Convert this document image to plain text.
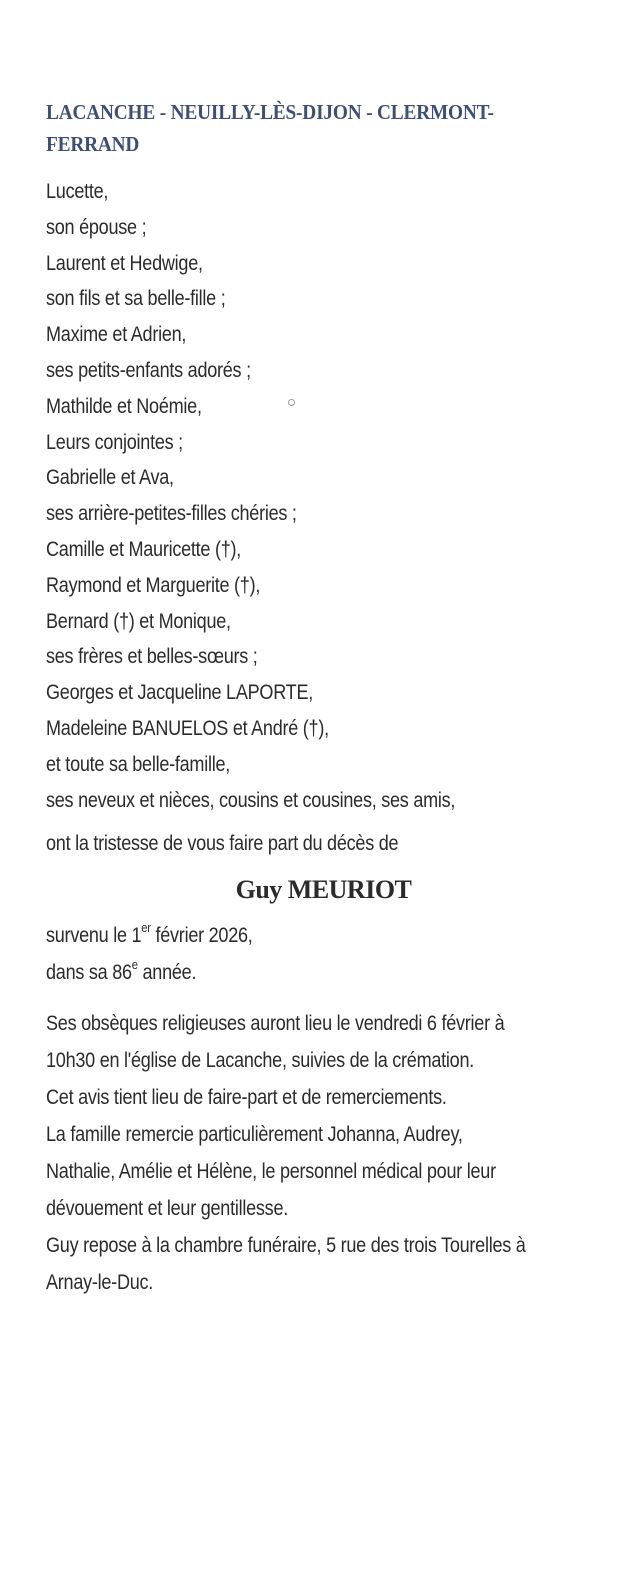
LACANCHE - NEUILLY-LÈS-DIJON - CLERMONT-FERRAND
Lucette,
son épouse ;
Laurent et Hedwige,
son fils et sa belle-fille ;
Maxime et Adrien,
ses petits-enfants adorés ;
Mathilde et Noémie,
Leurs conjointes ;
Gabrielle et Ava,
ses arrière-petites-filles chéries ;
Camille et Mauricette (†),
Raymond et Marguerite (†),
Bernard (†) et Monique,
ses frères et belles-sœurs ;
Georges et Jacqueline LAPORTE,
Madeleine BANUELOS et André (†),
et toute sa belle-famille,
ses neveux et nièces, cousins et cousines, ses amis,
ont la tristesse de vous faire part du décès de
Guy MEURIOT
survenu le 1er février 2026,
dans sa 86e année.
Ses obsèques religieuses auront lieu le vendredi 6 février à
10h30 en l'église de Lacanche, suivies de la crémation.
Cet avis tient lieu de faire-part et de remerciements.
La famille remercie particulièrement Johanna, Audrey,
Nathalie, Amélie et Hélène, le personnel médical pour leur
dévouement et leur gentillesse.
Guy repose à la chambre funéraire, 5 rue des trois Tourelles à
Arnay-le-Duc.
